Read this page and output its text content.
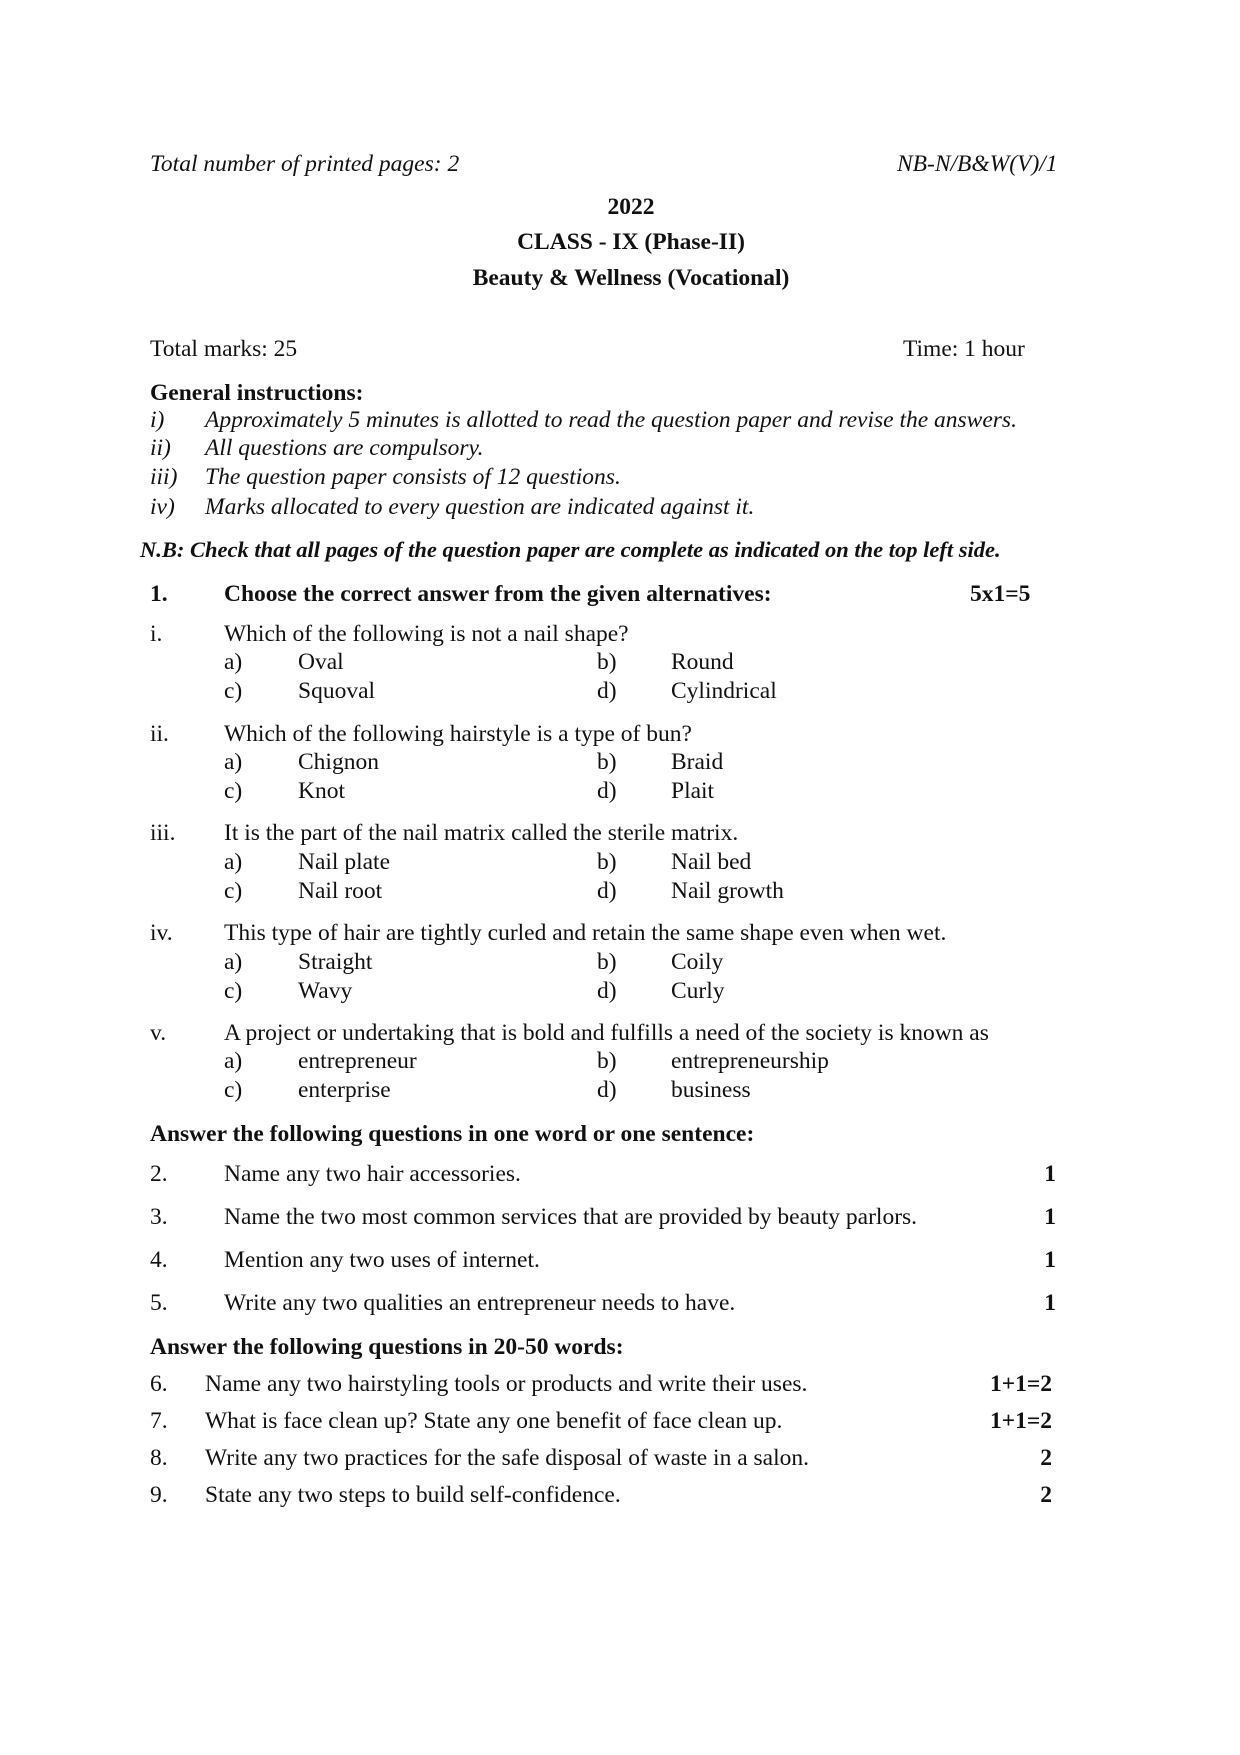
Total number of printed pages: 2	NB-N/B&W(V)/1
2022
CLASS - IX (Phase-II)
Beauty & Wellness (Vocational)
Total marks: 25	Time: 1 hour
General instructions:
i) Approximately 5 minutes is allotted to read the question paper and revise the answers.
ii) All questions are compulsory.
iii) The question paper consists of 12 questions.
iv) Marks allocated to every question are indicated against it.
N.B: Check that all pages of the question paper are complete as indicated on the top left side.
1. Choose the correct answer from the given alternatives:	5x1=5
i.	Which of the following is not a nail shape?
a) Oval	b) Round
c) Squoval	d) Cylindrical
ii. Which of the following hairstyle is a type of bun?
a) Chignon	b) Braid
c) Knot	d) Plait
iii. It is the part of the nail matrix called the sterile matrix.
a) Nail plate	b) Nail bed
c) Nail root	d) Nail growth
iv. This type of hair are tightly curled and retain the same shape even when wet.
a) Straight	b) Coily
c) Wavy	d) Curly
v. A project or undertaking that is bold and fulfills a need of the society is known as
a) entrepreneur	b) entrepreneurship
c) enterprise	d) business
Answer the following questions in one word or one sentence:
2. Name any two hair accessories.	1
3. Name the two most common services that are provided by beauty parlors.	1
4. Mention any two uses of internet.	1
5. Write any two qualities an entrepreneur needs to have.	1
Answer the following questions in 20-50 words:
6. Name any two hairstyling tools or products and write their uses.	1+1=2
7. What is face clean up? State any one benefit of face clean up.	1+1=2
8. Write any two practices for the safe disposal of waste in a salon.	2
9. State any two steps to build self-confidence.	2
